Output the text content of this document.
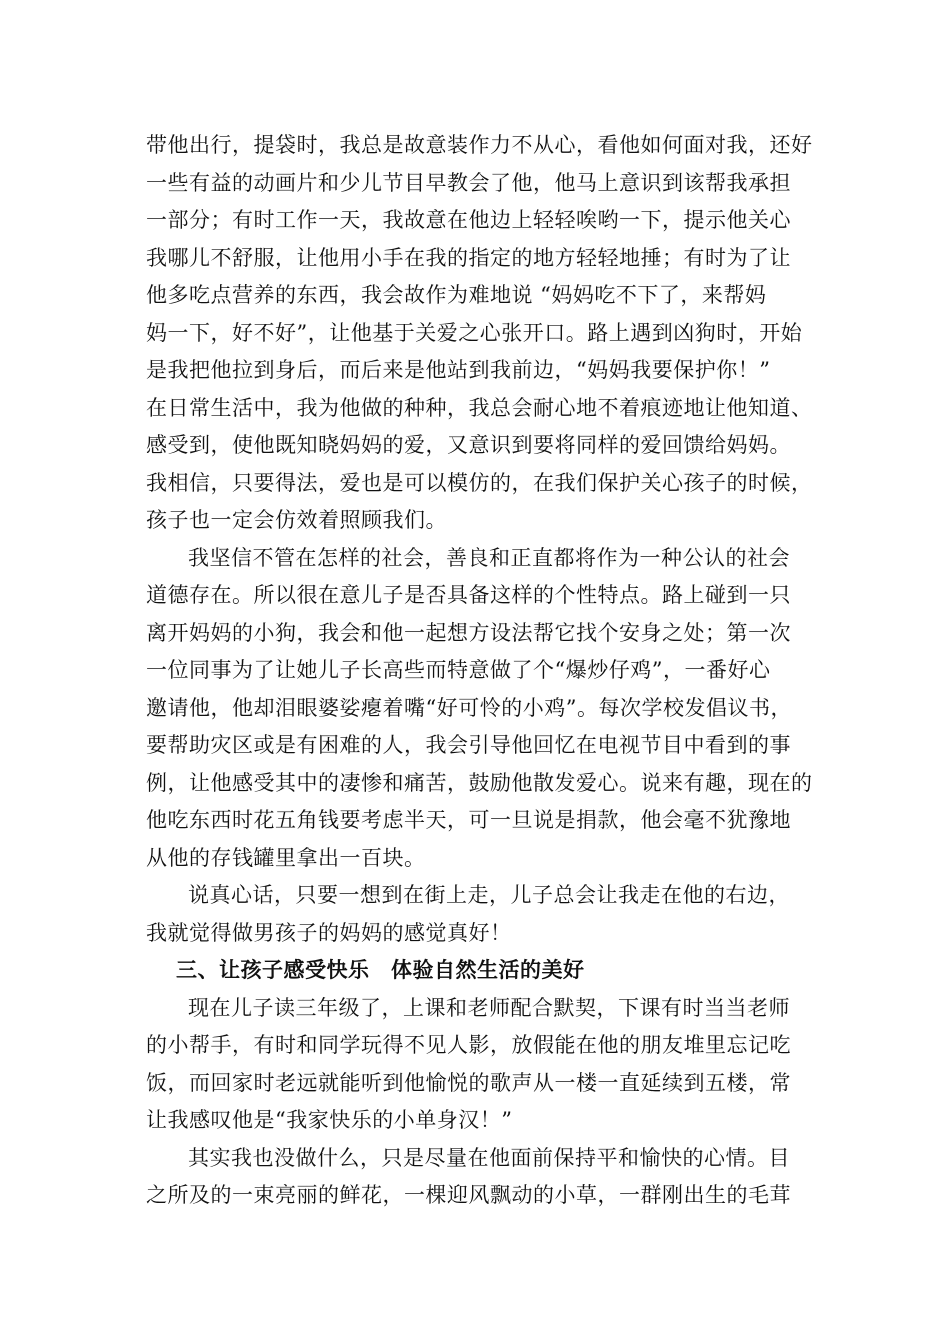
带他出行，提袋时，我总是故意装作力不从心，看他如何面对我，还好
一些有益的动画片和少儿节目早教会了他，他马上意识到该帮我承担
一部分；有时工作一天，我故意在他边上轻轻唉哟一下，提示他关心
我哪儿不舒服，让他用小手在我的指定的地方轻轻地捶；有时为了让
他多吃点营养的东西，我会故作为难地说 “妈妈吃不下了，来帮妈
妈一下，好不好”，让他基于关爱之心张开口。路上遇到凶狗时，开始
是我把他拉到身后，而后来是他站到我前边，“妈妈我要保护你！”
在日常生活中，我为他做的种种，我总会耐心地不着痕迹地让他知道、
感受到，使他既知晓妈妈的爱，又意识到要将同样的爱回馈给妈妈。
我相信，只要得法，爱也是可以模仿的，在我们保护关心孩子的时候，
孩子也一定会仿效着照顾我们。
我坚信不管在怎样的社会，善良和正直都将作为一种公认的社会
道德存在。所以很在意儿子是否具备这样的个性特点。路上碰到一只
离开妈妈的小狗，我会和他一起想方设法帮它找个安身之处；第一次
一位同事为了让她儿子长高些而特意做了个“爆炒仔鸡”，一番好心
邀请他，他却泪眼婆娑瘪着嘴“好可怜的小鸡”。每次学校发倡议书，
要帮助灾区或是有困难的人，我会引导他回忆在电视节目中看到的事
例，让他感受其中的凄惨和痛苦，鼓励他散发爱心。说来有趣，现在的
他吃东西时花五角钱要考虑半天，可一旦说是捐款，他会毫不犹豫地
从他的存钱罐里拿出一百块。
说真心话，只要一想到在街上走，儿子总会让我走在他的右边，
我就觉得做男孩子的妈妈的感觉真好！
三、让孩子感受快乐　体验自然生活的美好
现在儿子读三年级了，上课和老师配合默契，下课有时当当老师
的小帮手，有时和同学玩得不见人影，放假能在他的朋友堆里忘记吃
饭，而回家时老远就能听到他愉悦的歌声从一楼一直延续到五楼，常
让我感叹他是“我家快乐的小单身汉！”
其实我也没做什么，只是尽量在他面前保持平和愉快的心情。目
之所及的一束亮丽的鲜花，一棵迎风飘动的小草，一群刚出生的毛茸
